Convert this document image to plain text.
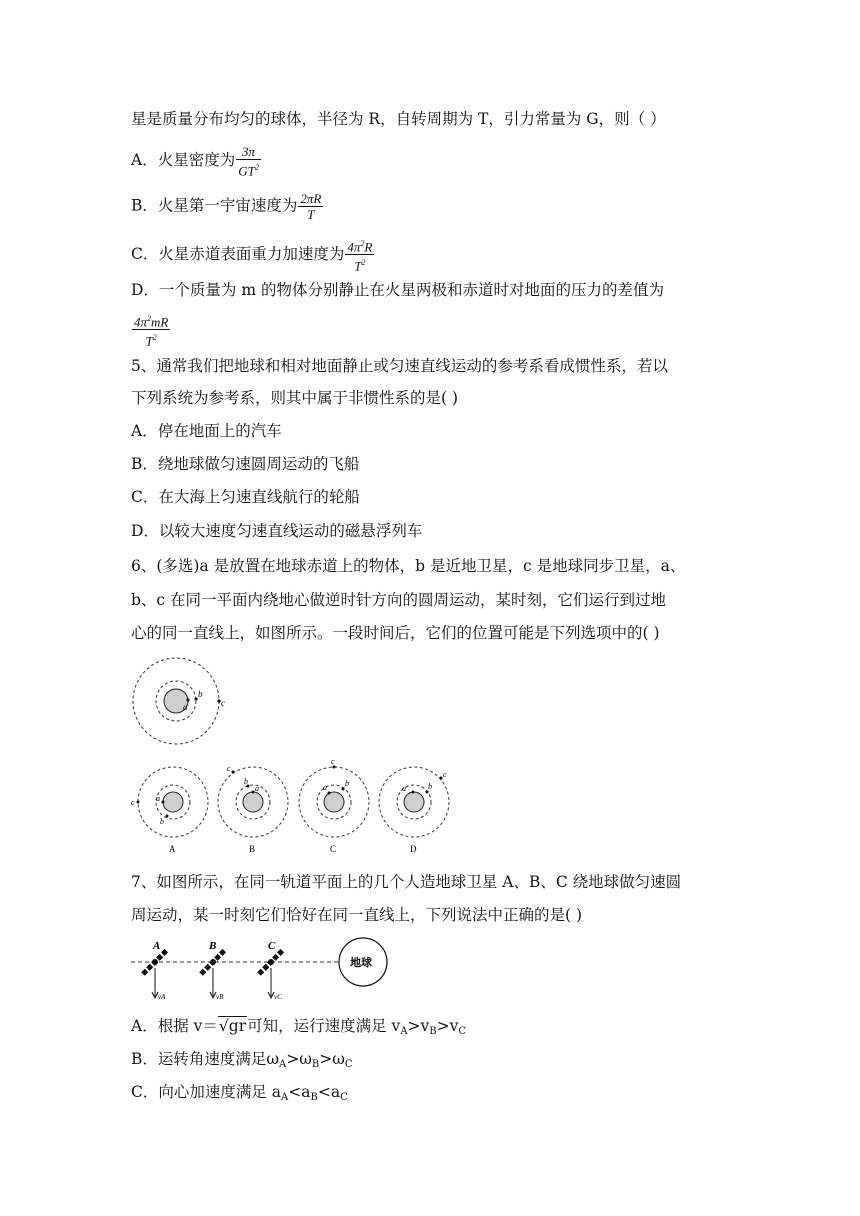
星是质量分布均匀的球体，半径为 R，自转周期为 T，引力常量为 G，则（ ）
A．火星密度为 $\frac{3\pi}{GT^2}$
B．火星第一宇宙速度为 $\frac{2\pi R}{T}$
C．火星赤道表面重力加速度为 $\frac{4\pi^2R}{T^2}$
D．一个质量为 m 的物体分别静止在火星两极和赤道时对地面的压力的差值为
$\frac{4\pi^2mR}{T^2}$
5、通常我们把地球和相对地面静止或匀速直线运动的参考系看成惯性系，若以
下列系统为参考系，则其中属于非惯性系的是( )
A．停在地面上的汽车
B．绕地球做匀速圆周运动的飞船
C．在大海上匀速直线航行的轮船
D．以较大速度匀速直线运动的磁悬浮列车
6、(多选)a 是放置在地球赤道上的物体，b 是近地卫星，c 是地球同步卫星，a、
b、c 在同一平面内绕地心做逆时针方向的圆周运动，某时刻，它们运行到过地
心的同一直线上，如图所示。一段时间后，它们的位置可能是下列选项中的( )
a
b
c
a
b
c
A
a
b
c
B
a b
c
C
a	b
c
D
7、如图所示，在同一轨道平面上的几个人造地球卫星 A、B、C 绕地球做匀速圆
周运动，某一时刻它们恰好在同一直线上，下列说法中正确的是( )
A
vA
B
vB
C
vC
地球
A．根据 v＝√gr可知，运行速度满足 $v_A>v_B>v_C$
B．运转角速度满足$\omega_A>\omega_B>\omega_C$
C．向心加速度满足 $a_A<a_B<a_C$
